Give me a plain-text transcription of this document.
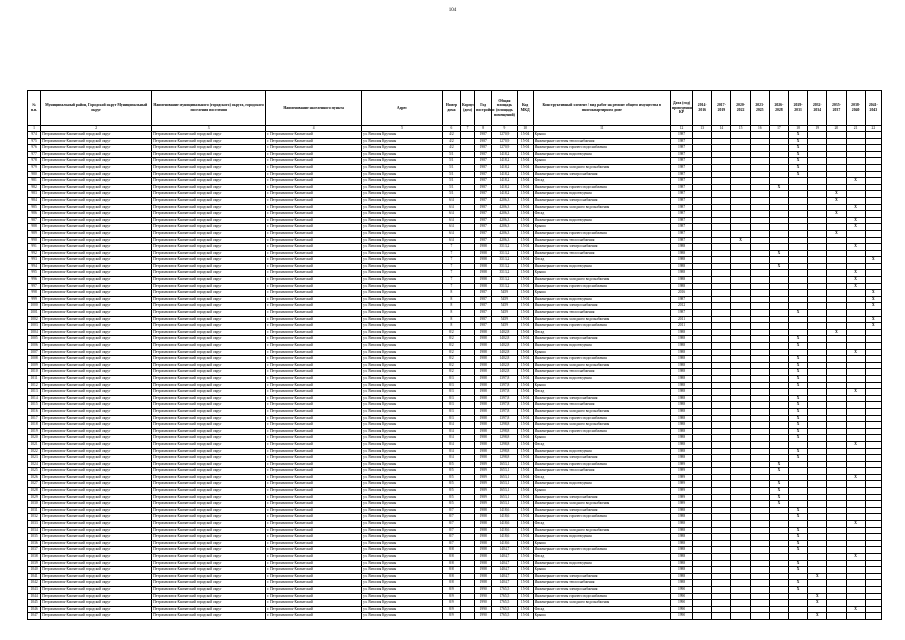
104
№ п.п.	Муниципальный район, Городской округ Муниципальный округ	Наименование муниципального (городского) округа, городского поселения поселения	Наименование населенного пункта	Адрес	Номер дома	Корпус (дом)	Год постройки	Общая площадь (площадь помещений)	Код МКД	Конструктивный элемент / вид работ на ремонт общего имущества в многоквартирном доме	Дата (год) проведения КР	2014-2016	2017-2019	2020-2022	2023-2025	2026-2028	2029-2031	2032-2034	2035-2037	2038-2040	2041-2043
1	2	3	4	5	6	7	8	9	10	11	12	13	14	15	16	17	18	19	20	21	22
974	Петропавловск-Камчатский городской округ	Петропавловск-Камчатский городской округ	г. Петропавловск-Камчатский	ул. Виталия Кручины	4/2		1987	1270,9	15-04	Крыша	1987						X				
975	Петропавловск-Камчатский городской округ	Петропавловск-Камчатский городской округ	г. Петропавловск-Камчатский	ул. Виталия Кручины	4/2		1987	1270,9	15-04	Инженерные системы теплоснабжения	1987						X				
976	Петропавловск-Камчатский городской округ	Петропавловск-Камчатский городской округ	г. Петропавловск-Камчатский	ул. Виталия Кручины	4/2		1987	1270,9	15-04	Инженерные системы горячего водоснабжения	1987						X				
977	Петропавловск-Камчатский городской округ	Петропавловск-Камчатский городской округ	г. Петропавловск-Камчатский	ул. Виталия Кручины	5/1		1987	1418,2	15-04	Инженерные системы водоотведения	1987						X				
978	Петропавловск-Камчатский городской округ	Петропавловск-Камчатский городской округ	г. Петропавловск-Камчатский	ул. Виталия Кручины	5/1		1987	1418,2	15-04	Крыша	1987						X				
979	Петропавловск-Камчатский городской округ	Петропавловск-Камчатский городской округ	г. Петропавловск-Камчатский	ул. Виталия Кручины	5/1		1987	1418,2	15-04	Инженерные системы холодного водоснабжения	1987						X				
980	Петропавловск-Камчатский городской округ	Петропавловск-Камчатский городской округ	г. Петропавловск-Камчатский	ул. Виталия Кручины	5/1		1987	1418,2	15-04	Инженерные системы электроснабжения	1987						X				
981	Петропавловск-Камчатский городской округ	Петропавловск-Камчатский городской округ	г. Петропавловск-Камчатский	ул. Виталия Кручины	5/1		1987	1418,2	15-04	Фасад	1987									X	
982	Петропавловск-Камчатский городской округ	Петропавловск-Камчатский городской округ	г. Петропавловск-Камчатский	ул. Виталия Кручины	5/1		1987	1418,2	15-04	Инженерные системы горячего водоснабжения	1987					X					
983	Петропавловск-Камчатский городской округ	Петропавловск-Камчатский городской округ	г. Петропавловск-Камчатский	ул. Виталия Кручины	5/1		1987	1418,2	15-04	Инженерные системы водоотведения	1987								X		
984	Петропавловск-Камчатский городской округ	Петропавловск-Камчатский городской округ	г. Петропавловск-Камчатский	ул. Виталия Кручины	6/4		1987	4206,3	15-04	Инженерные системы электроснабжения	1987								X		
985	Петропавловск-Камчатский городской округ	Петропавловск-Камчатский городской округ	г. Петропавловск-Камчатский	ул. Виталия Кручины	6/4		1987	4206,3	15-04	Инженерные системы холодного водоснабжения	1987									X	
986	Петропавловск-Камчатский городской округ	Петропавловск-Камчатский городской округ	г. Петропавловск-Камчатский	ул. Виталия Кручины	6/4		1987	4206,3	15-04	Фасад	1987								X		
987	Петропавловск-Камчатский городской округ	Петропавловск-Камчатский городской округ	г. Петропавловск-Камчатский	ул. Виталия Кручины	6/4		1987	4206,3	15-04	Инженерные системы водоотведения	1987									X	
988	Петропавловск-Камчатский городской округ	Петропавловск-Камчатский городской округ	г. Петропавловск-Камчатский	ул. Виталия Кручины	6/4		1987	4206,3	15-04	Крыша	1987									X	
989	Петропавловск-Камчатский городской округ	Петропавловск-Камчатский городской округ	г. Петропавловск-Камчатский	ул. Виталия Кручины	6/4		1987	4206,3	15-04	Инженерные системы горячего водоснабжения	1987								X		
990	Петропавловск-Камчатский городской округ	Петропавловск-Камчатский городской округ	г. Петропавловск-Камчатский	ул. Виталия Кручины	6/4		1987	4206,3	15-04	Инженерные системы теплоснабжения	1987			X							
991	Петропавловск-Камчатский городской округ	Петропавловск-Камчатский городской округ	г. Петропавловск-Камчатский	ул. Виталия Кручины	7		1988	3513,2	15-04	Инженерные системы электроснабжения	1988									X	
992	Петропавловск-Камчатский городской округ	Петропавловск-Камчатский городской округ	г. Петропавловск-Камчатский	ул. Виталия Кручины	7		1988	3513,2	15-04	Инженерные системы теплоснабжения	1988					X					
993	Петропавловск-Камчатский городской округ	Петропавловск-Камчатский городской округ	г. Петропавловск-Камчатский	ул. Виталия Кручины	7		1988	3513,2	15-04	Фасад	1988										X
994	Петропавловск-Камчатский городской округ	Петропавловск-Камчатский городской округ	г. Петропавловск-Камчатский	ул. Виталия Кручины	7		1988	3513,2	15-04	Инженерные системы водоотведения	1988					X					
995	Петропавловск-Камчатский городской округ	Петропавловск-Камчатский городской округ	г. Петропавловск-Камчатский	ул. Виталия Кручины	7		1988	3513,2	15-04	Крыша	1988									X	
996	Петропавловск-Камчатский городской округ	Петропавловск-Камчатский городской округ	г. Петропавловск-Камчатский	ул. Виталия Кручины	7		1988	3513,2	15-04	Инженерные системы холодного водоснабжения	1988									X	
997	Петропавловск-Камчатский городской округ	Петропавловск-Камчатский городской округ	г. Петропавловск-Камчатский	ул. Виталия Кручины	7		1988	3513,2	15-04	Инженерные системы горячего водоснабжения	1988									X	
998	Петропавловск-Камчатский городской округ	Петропавловск-Камчатский городской округ	г. Петропавловск-Камчатский	ул. Виталия Кручины	8		1987	5459	15-04	Крыша	2016										X
999	Петропавловск-Камчатский городской округ	Петропавловск-Камчатский городской округ	г. Петропавловск-Камчатский	ул. Виталия Кручины	8		1987	5459	15-04	Инженерные системы водоотведения	1987										X
1000	Петропавловск-Камчатский городской округ	Петропавловск-Камчатский городской округ	г. Петропавловск-Камчатский	ул. Виталия Кручины	8		1987	5459	15-04	Инженерные системы электроснабжения	2012										X
1001	Петропавловск-Камчатский городской округ	Петропавловск-Камчатский городской округ	г. Петропавловск-Камчатский	ул. Виталия Кручины	8		1987	5459	15-04	Инженерные системы теплоснабжения	1987						X				
1002	Петропавловск-Камчатский городской округ	Петропавловск-Камчатский городской округ	г. Петропавловск-Камчатский	ул. Виталия Кручины	8		1987	5459	15-04	Инженерные системы холодного водоснабжения	2011										X
1003	Петропавловск-Камчатский городской округ	Петропавловск-Камчатский городской округ	г. Петропавловск-Камчатский	ул. Виталия Кручины	8		1987	5459	15-04	Инженерные системы горячего водоснабжения	2011										X
1004	Петропавловск-Камчатский городской округ	Петропавловск-Камчатский городской округ	г. Петропавловск-Камчатский	ул. Виталия Кручины	8/2		1988	1402,8	15-04	Фасад	1988								X		
1005	Петропавловск-Камчатский городской округ	Петропавловск-Камчатский городской округ	г. Петропавловск-Камчатский	ул. Виталия Кручины	8/2		1988	1402,8	15-04	Инженерные системы электроснабжения	1988						X				
1006	Петропавловск-Камчатский городской округ	Петропавловск-Камчатский городской округ	г. Петропавловск-Камчатский	ул. Виталия Кручины	8/2		1988	1402,8	15-04	Инженерные системы водоотведения	1988						X				
1007	Петропавловск-Камчатский городской округ	Петропавловск-Камчатский городской округ	г. Петропавловск-Камчатский	ул. Виталия Кручины	8/2		1988	1402,8	15-04	Крыша	1988									X	
1008	Петропавловск-Камчатский городской округ	Петропавловск-Камчатский городской округ	г. Петропавловск-Камчатский	ул. Виталия Кручины	8/2		1988	1402,8	15-04	Инженерные системы горячего водоснабжения	1988						X				
1009	Петропавловск-Камчатский городской округ	Петропавловск-Камчатский городской округ	г. Петропавловск-Камчатский	ул. Виталия Кручины	8/2		1988	1402,8	15-04	Инженерные системы холодного водоснабжения	1988						X				
1010	Петропавловск-Камчатский городской округ	Петропавловск-Камчатский городской округ	г. Петропавловск-Камчатский	ул. Виталия Кручины	8/2		1988	1402,8	15-04	Инженерные системы теплоснабжения	1988						X				
1011	Петропавловск-Камчатский городской округ	Петропавловск-Камчатский городской округ	г. Петропавловск-Камчатский	ул. Виталия Кручины	8/3		1988	1397,8	15-04	Инженерные системы водоотведения	1988						X				
1012	Петропавловск-Камчатский городской округ	Петропавловск-Камчатский городской округ	г. Петропавловск-Камчатский	ул. Виталия Кручины	8/3		1988	1397,8	15-04	Крыша	1988						X				
1013	Петропавловск-Камчатский городской округ	Петропавловск-Камчатский городской округ	г. Петропавловск-Камчатский	ул. Виталия Кручины	8/3		1988	1397,8	15-04	Фасад	1988									X	
1014	Петропавловск-Камчатский городской округ	Петропавловск-Камчатский городской округ	г. Петропавловск-Камчатский	ул. Виталия Кручины	8/3		1988	1397,8	15-04	Инженерные системы электроснабжения	1988						X				
1015	Петропавловск-Камчатский городской округ	Петропавловск-Камчатский городской округ	г. Петропавловск-Камчатский	ул. Виталия Кручины	8/3		1988	1397,8	15-04	Инженерные системы теплоснабжения	1988						X				
1016	Петропавловск-Камчатский городской округ	Петропавловск-Камчатский городской округ	г. Петропавловск-Камчатский	ул. Виталия Кручины	8/3		1988	1397,8	15-04	Инженерные системы холодного водоснабжения	1988						X				
1017	Петропавловск-Камчатский городской округ	Петропавловск-Камчатский городской округ	г. Петропавловск-Камчатский	ул. Виталия Кручины	8/3		1988	1397,8	15-04	Инженерные системы горячего водоснабжения	1988						X				
1018	Петропавловск-Камчатский городской округ	Петропавловск-Камчатский городской округ	г. Петропавловск-Камчатский	ул. Виталия Кручины	8/4		1988	1298,8	15-04	Инженерные системы холодного водоснабжения	1988						X				
1019	Петропавловск-Камчатский городской округ	Петропавловск-Камчатский городской округ	г. Петропавловск-Камчатский	ул. Виталия Кручины	8/4		1988	1298,8	15-04	Инженерные системы горячего водоснабжения	1988						X				
1020	Петропавловск-Камчатский городской округ	Петропавловск-Камчатский городской округ	г. Петропавловск-Камчатский	ул. Виталия Кручины	8/4		1988	1298,8	15-04	Крыша	1988						X				
1021	Петропавловск-Камчатский городской округ	Петропавловск-Камчатский городской округ	г. Петропавловск-Камчатский	ул. Виталия Кручины	8/4		1988	1298,8	15-04	Фасад	1988									X	
1022	Петропавловск-Камчатский городской округ	Петропавловск-Камчатский городской округ	г. Петропавловск-Камчатский	ул. Виталия Кручины	8/4		1988	1298,8	15-04	Инженерные системы водоотведения	1988						X				
1023	Петропавловск-Камчатский городской округ	Петропавловск-Камчатский городской округ	г. Петропавловск-Камчатский	ул. Виталия Кручины	8/4		1988	1298,8	15-04	Инженерные системы электроснабжения	1988						X				
1024	Петропавловск-Камчатский городской округ	Петропавловск-Камчатский городской округ	г. Петропавловск-Камчатский	ул. Виталия Кручины	8/5		1989	1653,1	15-04	Инженерные системы горячего водоснабжения	1989					X					
1025	Петропавловск-Камчатский городской округ	Петропавловск-Камчатский городской округ	г. Петропавловск-Камчатский	ул. Виталия Кручины	8/5		1989	1653,1	15-04	Инженерные системы теплоснабжения	1989					X					
1026	Петропавловск-Камчатский городской округ	Петропавловск-Камчатский городской округ	г. Петропавловск-Камчатский	ул. Виталия Кручины	8/5		1989	1653,1	15-04	Фасад	1989									X	
1027	Петропавловск-Камчатский городской округ	Петропавловск-Камчатский городской округ	г. Петропавловск-Камчатский	ул. Виталия Кручины	8/5		1989	1653,1	15-04	Инженерные системы водоотведения	1989					X					
1028	Петропавловск-Камчатский городской округ	Петропавловск-Камчатский городской округ	г. Петропавловск-Камчатский	ул. Виталия Кручины	8/5		1989	1653,1	15-04	Крыша	1989					X					
1029	Петропавловск-Камчатский городской округ	Петропавловск-Камчатский городской округ	г. Петропавловск-Камчатский	ул. Виталия Кручины	8/5		1989	1653,1	15-04	Инженерные системы электроснабжения	1989					X					
1030	Петропавловск-Камчатский городской округ	Петропавловск-Камчатский городской округ	г. Петропавловск-Камчатский	ул. Виталия Кручины	8/5		1989	1653,1	15-04	Инженерные системы холодного водоснабжения	1989					X					
1031	Петропавловск-Камчатский городской округ	Петропавловск-Камчатский городской округ	г. Петропавловск-Камчатский	ул. Виталия Кручины	8/7		1988	1418,6	15-04	Инженерные системы электроснабжения	1988						X				
1032	Петропавловск-Камчатский городской округ	Петропавловск-Камчатский городской округ	г. Петропавловск-Камчатский	ул. Виталия Кручины	8/7		1988	1418,6	15-04	Инженерные системы горячего водоснабжения	1988						X				
1033	Петропавловск-Камчатский городской округ	Петропавловск-Камчатский городской округ	г. Петропавловск-Камчатский	ул. Виталия Кручины	8/7		1988	1418,6	15-04	Фасад	1988									X	
1034	Петропавловск-Камчатский городской округ	Петропавловск-Камчатский городской округ	г. Петропавловск-Камчатский	ул. Виталия Кручины	8/7		1988	1418,6	15-04	Инженерные системы холодного водоснабжения	1988						X				
1035	Петропавловск-Камчатский городской округ	Петропавловск-Камчатский городской округ	г. Петропавловск-Камчатский	ул. Виталия Кручины	8/7		1988	1418,6	15-04	Инженерные системы водоотведения	1988						X				
1036	Петропавловск-Камчатский городской округ	Петропавловск-Камчатский городской округ	г. Петропавловск-Камчатский	ул. Виталия Кручины	8/7		1988	1418,6	15-04	Крыша	1988						X				
1037	Петропавловск-Камчатский городской округ	Петропавловск-Камчатский городской округ	г. Петропавловск-Камчатский	ул. Виталия Кручины	8/8		1988	1404,7	15-04	Инженерные системы горячего водоснабжения	1988						X				
1038	Петропавловск-Камчатский городской округ	Петропавловск-Камчатский городской округ	г. Петропавловск-Камчатский	ул. Виталия Кручины	8/8		1988	1404,7	15-04	Фасад	1988									X	
1039	Петропавловск-Камчатский городской округ	Петропавловск-Камчатский городской округ	г. Петропавловск-Камчатский	ул. Виталия Кручины	8/8		1988	1404,7	15-04	Инженерные системы водоотведения	1988						X				
1040	Петропавловск-Камчатский городской округ	Петропавловск-Камчатский городской округ	г. Петропавловск-Камчатский	ул. Виталия Кручины	8/8		1988	1404,7	15-04	Крыша	1988						X				
1041	Петропавловск-Камчатский городской округ	Петропавловск-Камчатский городской округ	г. Петропавловск-Камчатский	ул. Виталия Кручины	8/8		1988	1404,7	15-04	Инженерные системы электроснабжения	1988							X			
1042	Петропавловск-Камчатский городской округ	Петропавловск-Камчатский городской округ	г. Петропавловск-Камчатский	ул. Виталия Кручины	8/8		1988	1404,7	15-04	Инженерные системы теплоснабжения	1988						X				
1043	Петропавловск-Камчатский городской округ	Петропавловск-Камчатский городской округ	г. Петропавловск-Камчатский	ул. Виталия Кручины	8/9		1990	1765,5	15-04	Инженерные системы электроснабжения	1990						X				
1044	Петропавловск-Камчатский городской округ	Петропавловск-Камчатский городской округ	г. Петропавловск-Камчатский	ул. Виталия Кручины	8/9		1990	1765,5	15-04	Инженерные системы горячего водоснабжения	1990							X			
1045	Петропавловск-Камчатский городской округ	Петропавловск-Камчатский городской округ	г. Петропавловск-Камчатский	ул. Виталия Кручины	8/9		1990	1765,5	15-04	Инженерные системы холодного водоснабжения	1990							X			
1046	Петропавловск-Камчатский городской округ	Петропавловск-Камчатский городской округ	г. Петропавловск-Камчатский	ул. Виталия Кручины	8/9		1990	1765,5	15-04	Фасад	1990									X	
1047	Петропавловск-Камчатский городской округ	Петропавловск-Камчатский городской округ	г. Петропавловск-Камчатский	ул. Виталия Кручины	8/9		1990	1765,5	15-04	Крыша	1990							X			
